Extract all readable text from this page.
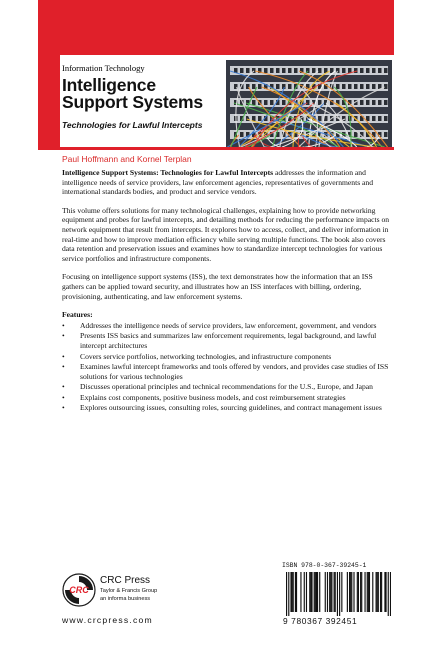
Information Technology
Intelligence
Support Systems
Technologies for Lawful Intercepts
Paul Hoffmann and Kornel Terplan

Intelligence Support Systems: Technologies for Lawful Intercepts addresses the information and intelligence needs of service providers, law enforcement agencies, representatives of governments and international standards bodies, and product and service vendors.

This volume offers solutions for many technological challenges, explaining how to provide networking equipment and probes for lawful intercepts, and detailing methods for reducing the performance impacts on network equipment that result from intercepts. It explores how to access, collect, and deliver information in real-time and how to improve mediation efficiency while serving multiple functions. The book also covers data retention and preservation issues and examines how to standardize intercept technologies for various service portfolios and infrastructure components.

Focusing on intelligence support systems (ISS), the text demonstrates how the information that an ISS gathers can be applied toward security, and illustrates how an ISS interfaces with billing, ordering, provisioning, authenticating, and law enforcement systems.

Features:
• Addresses the intelligence needs of service providers, law enforcement, government, and vendors
• Presents ISS basics and summarizes law enforcement requirements, legal background, and lawful intercept architectures
• Covers service portfolios, networking technologies, and infrastructure components
• Examines lawful intercept frameworks and tools offered by vendors, and provides case studies of ISS solutions for various technologies
• Discusses operational principles and technical recommendations for the U.S., Europe, and Japan
• Explains cost components, positive business models, and cost reimbursement strategies
• Explores outsourcing issues, consulting roles, sourcing guidelines, and contract management issues
CRC
CRC Press
Taylor & Francis Group
an informa business
www.crcpress.com
ISBN 978-0-367-39245-1
9 780367 392451
